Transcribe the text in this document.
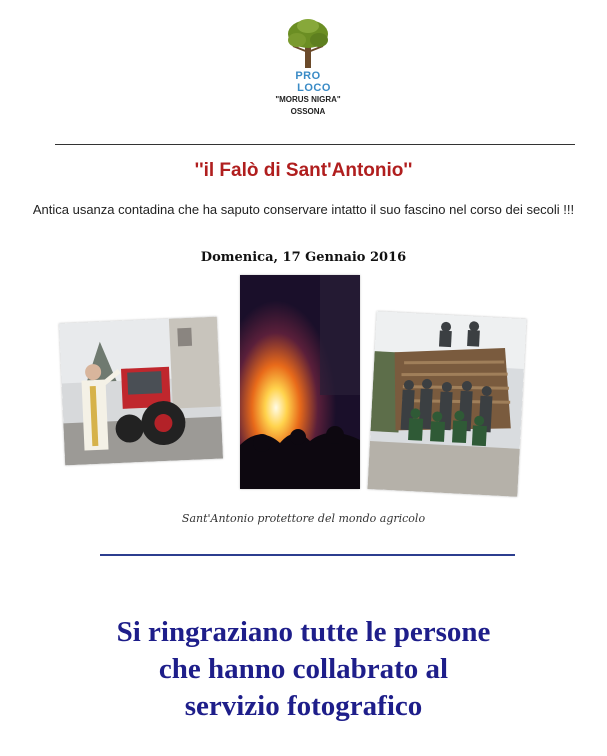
PRO LOCO
"MORUS NIGRA"
OSSONA
''il Falò di Sant'Antonio''
Antica usanza contadina che ha saputo conservare intatto il suo fascino nel corso dei secoli !!!
Domenica, 17 Gennaio 2016
Sant'Antonio protettore del mondo agricolo
Si ringraziano tutte le persone
che hanno collabrato al
servizio fotografico
